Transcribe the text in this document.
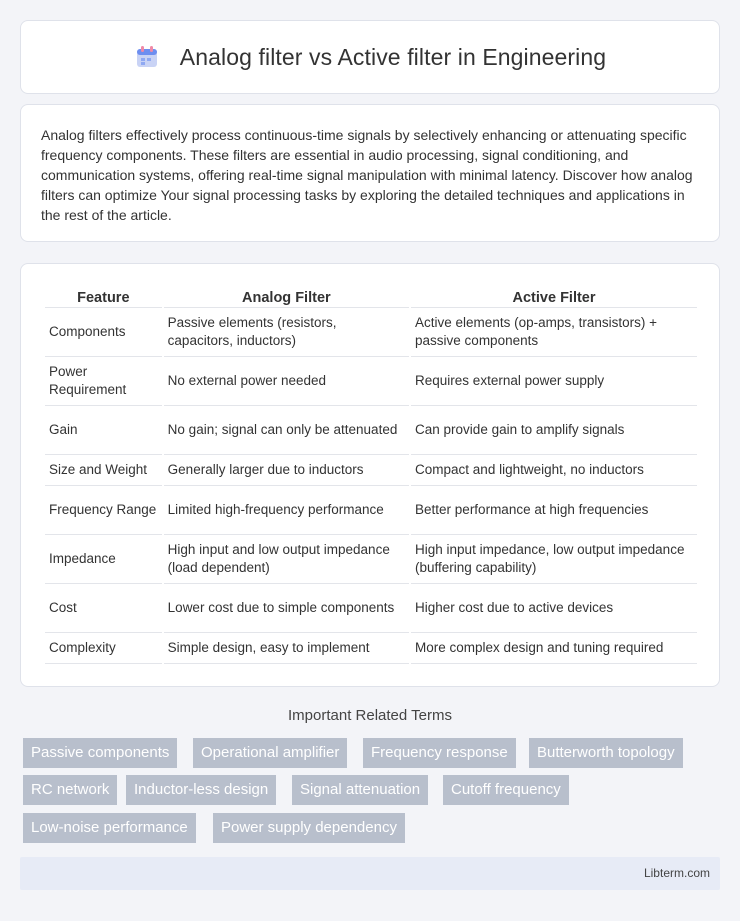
Analog filter vs Active filter in Engineering

Analog filters effectively process continuous-time signals by selectively enhancing or attenuating specific frequency components. These filters are essential in audio processing, signal conditioning, and communication systems, offering real-time signal manipulation with minimal latency. Discover how analog filters can optimize Your signal processing tasks by exploring the detailed techniques and applications in the rest of the article.

Feature	Analog Filter	Active Filter
Components	Passive elements (resistors, capacitors, inductors)	Active elements (op-amps, transistors) + passive components
Power Requirement	No external power needed	Requires external power supply
Gain	No gain; signal can only be attenuated	Can provide gain to amplify signals
Size and Weight	Generally larger due to inductors	Compact and lightweight, no inductors
Frequency Range	Limited high-frequency performance	Better performance at high frequencies
Impedance	High input and low output impedance (load dependent)	High input impedance, low output impedance (buffering capability)
Cost	Lower cost due to simple components	Higher cost due to active devices
Complexity	Simple design, easy to implement	More complex design and tuning required
Important Related Terms
Passive components	Operational amplifier	Frequency response	Butterworth topology
RC network	Inductor-less design	Signal attenuation	Cutoff frequency
Low-noise performance	Power supply dependency
Libterm.com
